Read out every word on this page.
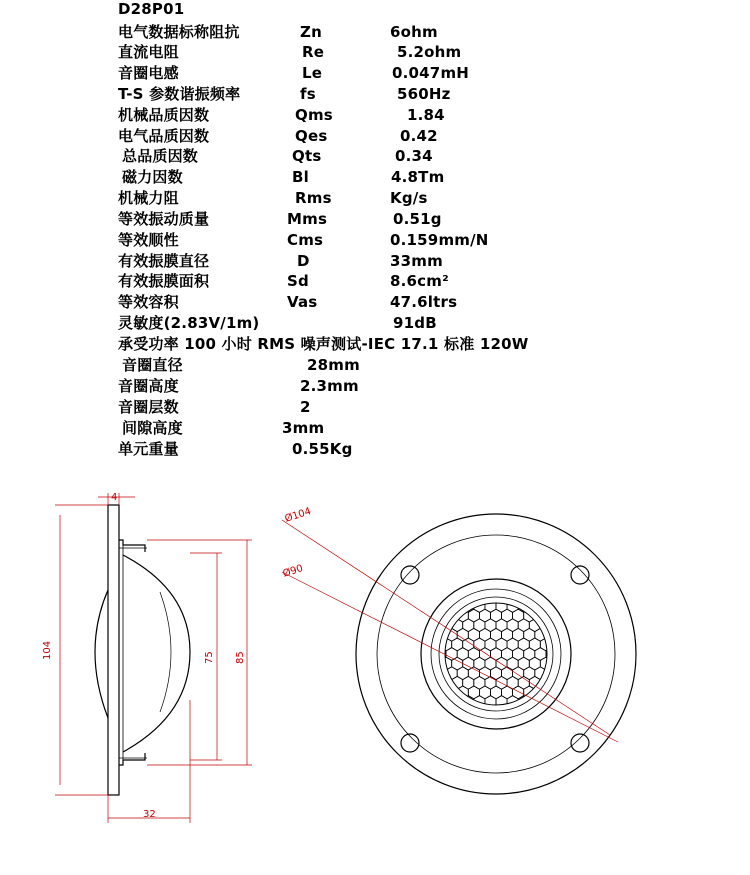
D28P01
电气数据标称阻抗	Zn	6ohm
直流电阻	Re	5.2ohm
音圈电感	Le	0.047mH
T-S 参数谐振频率	fs	560Hz
机械品质因数	Qms	1.84
电气品质因数	Qes	0.42
总品质因数	Qts	0.34
磁力因数	Bl	4.8Tm
机械力阻	Rms	Kg/s
等效振动质量	Mms	0.51g
等效顺性	Cms	0.159mm/N
有效振膜直径	D	33mm
有效振膜面积	Sd	8.6cm²
等效容积	Vas	47.6ltrs
灵敏度(2.83V/1m)	91dB
承受功率 100 小时 RMS 噪声测试-IEC 17.1 标准 120W
音圈直径	28mm
音圈高度	2.3mm
音圈层数	2
间隙高度	3mm
单元重量	0.55Kg
4
104	75 85
32
Ø104
Ø90
